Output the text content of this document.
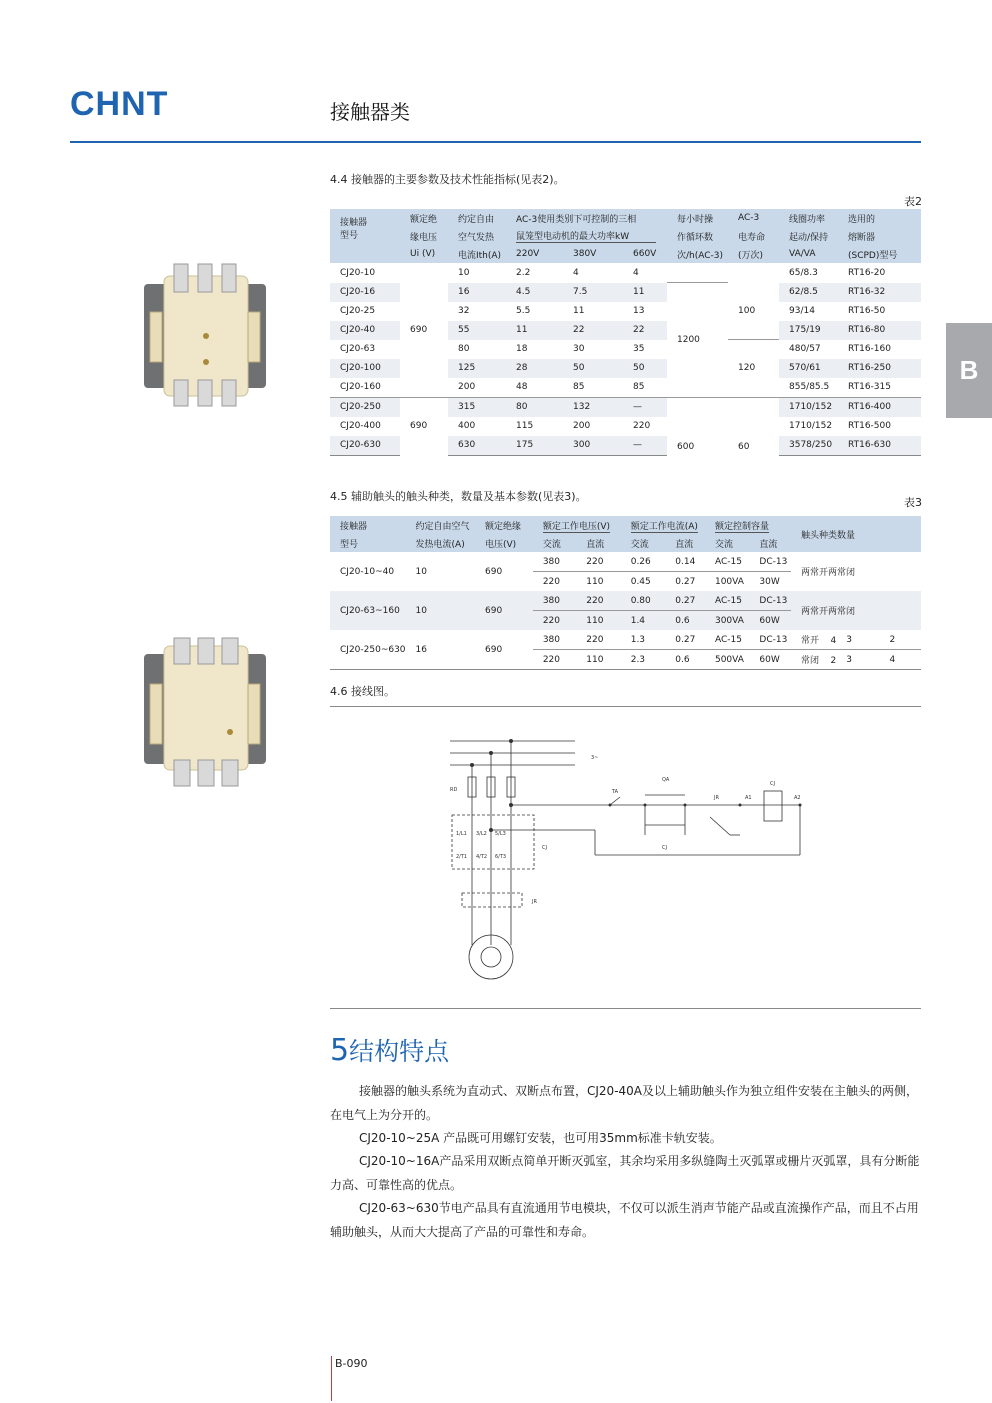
CHNT	接触器类
B
4.4 接触器的主要参数及技术性能指标(见表2)。
表2
接触器
型号	额定绝	约定自由	AC-3使用类别下可控制的三相			每小时操	AC-3	线圈功率	选用的
	缘电压	空气发热	鼠笼型电动机的最大功率kW			作循环数	电寿命	起动/保持	熔断器
	Ui (V)	电流Ith(A)	220V	380V	660V	次/h(AC-3)	(万次)	VA/VA	(SCPD)型号
CJ20-10	690	10	2.2	4	4			65/8.3	RT16-20
CJ20-16		16	4.5	7.5	11	1200	100	62/8.5	RT16-32
CJ20-25		32	5.5	11	13			93/14	RT16-50
CJ20-40		55	11	22	22			175/19	RT16-80
CJ20-63		80	18	30	35		120	480/57	RT16-160
CJ20-100		125	28	50	50			570/61	RT16-250
CJ20-160		200	48	85	85			855/85.5	RT16-315
CJ20-250	690	315	80	132	—	600	60	1710/152	RT16-400
CJ20-400		400	115	200	220			1710/152	RT16-500
CJ20-630		630	175	300	—			3578/250	RT16-630
4.5 辅助触头的触头种类，数量及基本参数(见表3)。	表3
接触器	约定自由空气	额定绝缘	额定工作电压(V)		额定工作电流(A)		额定控制容量		触头种类数量		
型号	发热电流(A)	电压(V)	交流	直流	交流	直流	交流	直流			
CJ20-10~40	10	690	380	220	0.26	0.14	AC-15	DC-13	两常开两常闭		
			220	110	0.45	0.27	100VA	30W			
CJ20-63~160	10	690	380	220	0.80	0.27	AC-15	DC-13	两常开两常闭		
			220	110	1.4	0.6	300VA	60W			
CJ20-250~630	16	690	380	220	1.3	0.27	AC-15	DC-13	常开 4	3	2
			220	110	2.3	0.6	500VA	60W	常闭 2	3	4
4.6 接线图。
3~
RD	TA
QA
JR	A1
CJ
A2
1/L1 3/L2 5/L3
2/T1 4/T2 6/T3
CJ	CJ
JR
5结构特点
接触器的触头系统为直动式、双断点布置，CJ20-40A及以上辅助触头作为独立组件安装在主触头的两侧，在电气上为分开的。
CJ20-10~25A 产品既可用螺钉安装，也可用35mm标准卡轨安装。
CJ20-10~16A产品采用双断点简单开断灭弧室，其余均采用多纵缝陶土灭弧罩或栅片灭弧罩，具有分断能力高、可靠性高的优点。
CJ20-63~630节电产品具有直流通用节电模块，不仅可以派生消声节能产品或直流操作产品，而且不占用辅助触头，从而大大提高了产品的可靠性和寿命。
B-090
